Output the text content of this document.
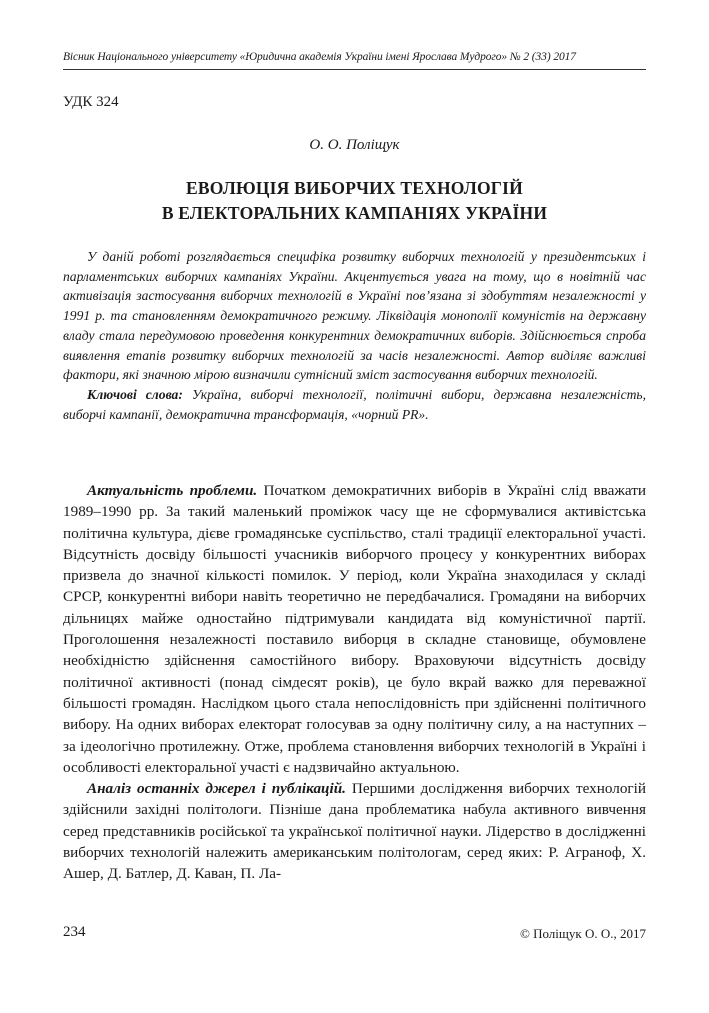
Вісник Національного університету «Юридична академія України імені Ярослава Мудрого» № 2 (33) 2017
УДК 324
О. О. Поліщук
ЕВОЛЮЦІЯ ВИБОРЧИХ ТЕХНОЛОГІЙ
В ЕЛЕКТОРАЛЬНИХ КАМПАНІЯХ УКРАЇНИ

У даній роботі розглядається специфіка розвитку виборчих технологій у президентських і парламентських виборчих кампаніях України. Акцентується увага на тому, що в новітній час активізація застосування виборчих технологій в Україні пов’язана зі здобуттям незалежності у 1991 р. та становленням демократичного режиму. Ліквідація монополії комуністів на державну владу стала передумовою проведення конкурентних демократичних виборів. Здійснюється спроба виявлення етапів розвитку виборчих технологій за часів незалежності. Автор виділяє важливі фактори, які значною мірою визначили сутнісний зміст застосування виборчих технологій.

Ключові слова: Україна, виборчі технології, політичні вибори, державна незалежність, виборчі кампанії, демократична трансформація, «чорний PR».

Актуальність проблеми. Початком демократичних виборів в Україні слід вважати 1989–1990 рр. За такий маленький проміжок часу ще не сформувалися активістська політична культура, дієве громадянське суспільство, сталі традиції електоральної участі. Відсутність досвіду більшості учасників виборчого процесу у конкурентних виборах призвела до значної кількості помилок. У період, коли Україна знаходилася у складі СРСР, конкурентні вибори навіть теоретично не передбачалися. Громадяни на виборчих дільницях майже одностайно підтримували кандидата від комуністичної партії. Проголошення незалежності поставило виборця в складне становище, обумовлене необхідністю здійснення самостійного вибору. Враховуючи відсутність досвіду політичної активності (понад сімдесят років), це було вкрай важко для переважної більшості громадян. Наслідком цього стала непослідовність при здійсненні політичного вибору. На одних виборах електорат голосував за одну політичну силу, а на наступних – за ідеологічно протилежну. Отже, проблема становлення виборчих технологій в Україні і особливості електоральної участі є надзвичайно актуальною.

Аналіз останніх джерел і публікацій. Першими дослідження виборчих технологій здійснили західні політологи. Пізніше дана проблематика набула активного вивчення серед представників російської та української політичної науки. Лідерство в дослідженні виборчих технологій належить американським політологам, серед яких: Р. Аграноф, Х. Ашер, Д. Батлер, Д. Каван, П. Ла-

234	© Поліщук О. О., 2017
